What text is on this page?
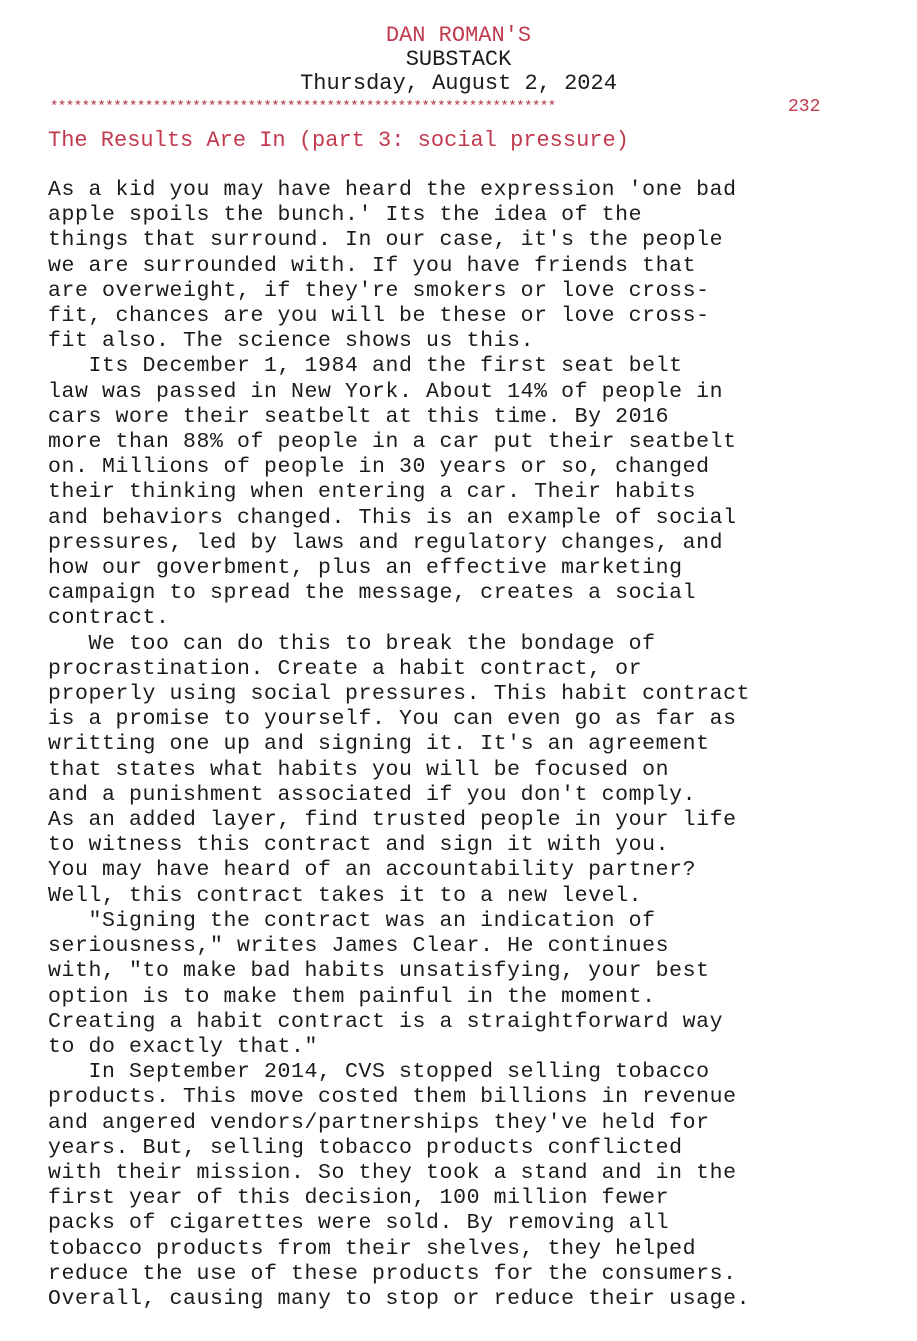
DAN ROMAN'S
SUBSTACK
Thursday, August 2, 2024
****************************************************************	232
The Results Are In (part 3: social pressure)
As a kid you may have heard the expression 'one bad
apple spoils the bunch.' Its the idea of the
things that surround. In our case, it's the people
we are surrounded with. If you have friends that
are overweight, if they're smokers or love cross-
fit, chances are you will be these or love cross-
fit also. The science shows us this.
Its December 1, 1984 and the first seat belt
law was passed in New York. About 14% of people in
cars wore their seatbelt at this time. By 2016
more than 88% of people in a car put their seatbelt
on. Millions of people in 30 years or so, changed
their thinking when entering a car. Their habits
and behaviors changed. This is an example of social
pressures, led by laws and regulatory changes, and
how our goverbment, plus an effective marketing
campaign to spread the message, creates a social
contract.
We too can do this to break the bondage of
procrastination. Create a habit contract, or
properly using social pressures. This habit contract
is a promise to yourself. You can even go as far as
writting one up and signing it. It's an agreement
that states what habits you will be focused on
and a punishment associated if you don't comply.
As an added layer, find trusted people in your life
to witness this contract and sign it with you.
You may have heard of an accountability partner?
Well, this contract takes it to a new level.
"Signing the contract was an indication of
seriousness," writes James Clear. He continues
with, "to make bad habits unsatisfying, your best
option is to make them painful in the moment.
Creating a habit contract is a straightforward way
to do exactly that."
In September 2014, CVS stopped selling tobacco
products. This move costed them billions in revenue
and angered vendors/partnerships they've held for
years. But, selling tobacco products conflicted
with their mission. So they took a stand and in the
first year of this decision, 100 million fewer
packs of cigarettes were sold. By removing all
tobacco products from their shelves, they helped
reduce the use of these products for the consumers.
Overall, causing many to stop or reduce their usage.
